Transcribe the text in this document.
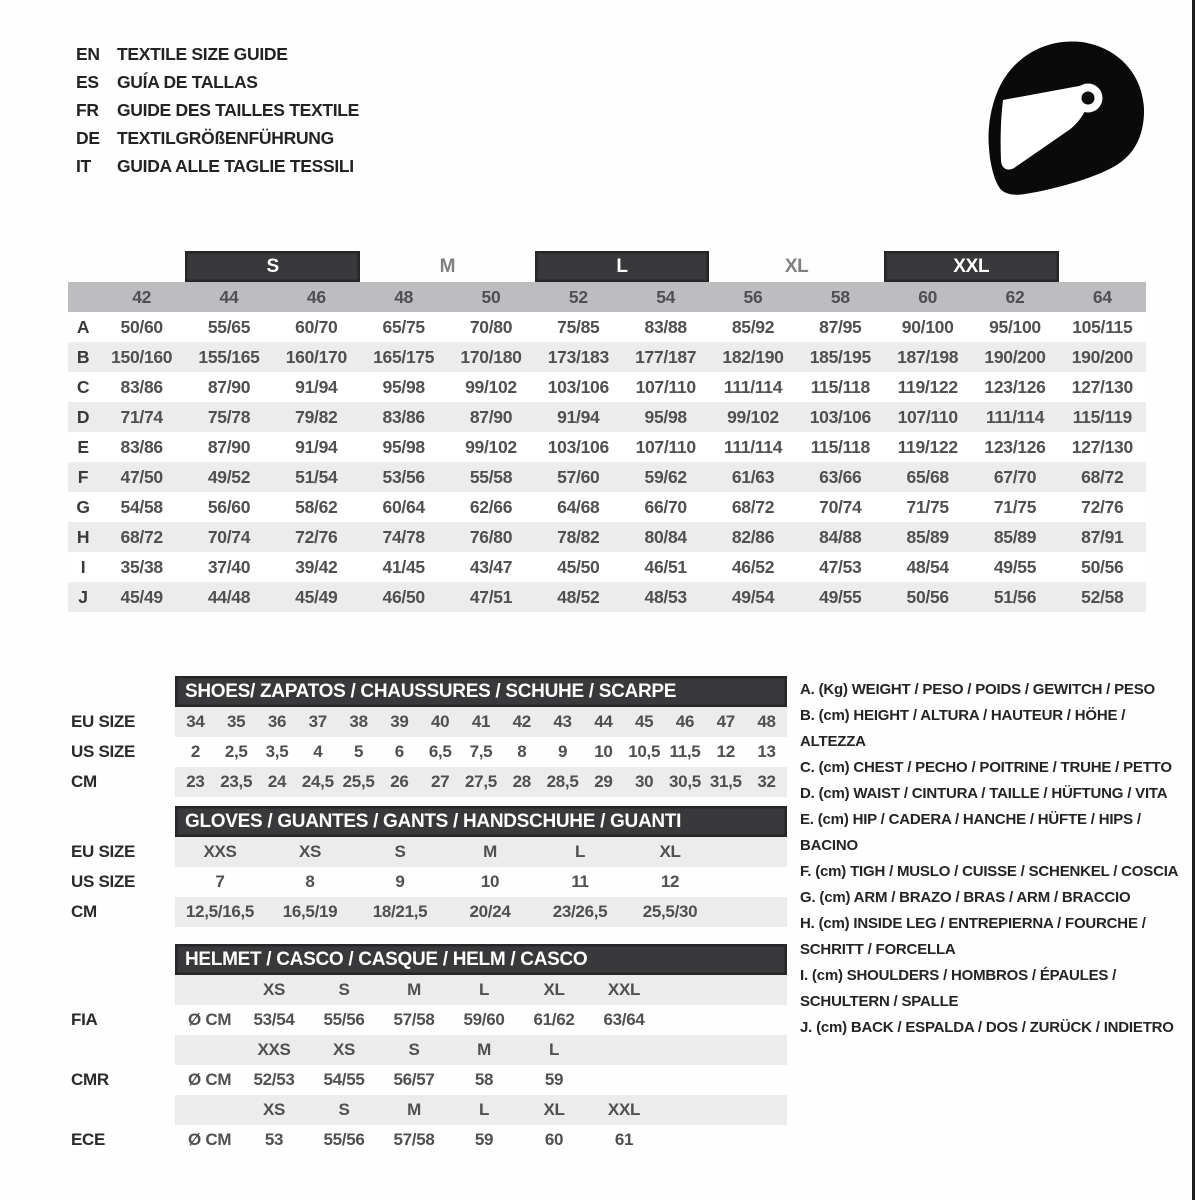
EN TEXTILE SIZE GUIDE
ES	GUÍA DE TALLAS
FR	GUIDE DES TAILLES TEXTILE
DE TEXTILGRÖßENFÜHRUNG
IT	GUIDA ALLE TAGLIE TESSILI
S	M	L	XL	XXL
42	44	46	48	50	52	54	56	58	60	62	64
A	50/60	55/65	60/70	65/75	70/80	75/85	83/88	85/92	87/95	90/100	95/100	105/115
B	150/160	155/165	160/170	165/175	170/180	173/183	177/187	182/190	185/195	187/198	190/200	190/200
C	83/86	87/90	91/94	95/98	99/102	103/106	107/110	111/114	115/118	119/122	123/126	127/130
D	71/74	75/78	79/82	83/86	87/90	91/94	95/98	99/102	103/106	107/110	111/114	115/119
E	83/86	87/90	91/94	95/98	99/102	103/106	107/110	111/114	115/118	119/122	123/126	127/130
F	47/50	49/52	51/54	53/56	55/58	57/60	59/62	61/63	63/66	65/68	67/70	68/72
G	54/58	56/60	58/62	60/64	62/66	64/68	66/70	68/72	70/74	71/75	71/75	72/76
H	68/72	70/74	72/76	74/78	76/80	78/82	80/84	82/86	84/88	85/89	85/89	87/91
I	35/38	37/40	39/42	41/45	43/47	45/50	46/51	46/52	47/53	48/54	49/55	50/56
J	45/49	44/48	45/49	46/50	47/51	48/52	48/53	49/54	49/55	50/56	51/56	52/58
SHOES/ ZAPATOS / CHAUSSURES / SCHUHE / SCARPE
EU SIZE	34	35	36	37	38	39	40	41	42	43	44	45	46	47	48
US SIZE	2	2,5	3,5	4	5	6	6,5	7,5	8	9	10 10,5 11,5 12	13
CM	23 23,5 24 24,5 25,5 26	27 27,5 28 28,5 29	30 30,5 31,5 32
GLOVES / GUANTES / GANTS / HANDSCHUHE / GUANTI
EU SIZE	XXS	XS	S	M	L	XL
US SIZE	7	8	9	10	11	12
CM	12,5/16,5	16,5/19	18/21,5	20/24	23/26,5	25,5/30
HELMET / CASCO / CASQUE / HELM / CASCO
XS	S	M	L	XL	XXL
FIA	Ø CM	53/54	55/56	57/58	59/60	61/62	63/64
XXS	XS	S	M	L
CMR	Ø CM	52/53	54/55	56/57	58	59
XS	S	M	L	XL	XXL
ECE	Ø CM	53	55/56	57/58	59	60	61
A. (Kg) WEIGHT / PESO / POIDS / GEWITCH / PESO
B. (cm) HEIGHT / ALTURA / HAUTEUR / HÖHE / ALTEZZA
C. (cm) CHEST / PECHO / POITRINE / TRUHE / PETTO
D. (cm) WAIST / CINTURA / TAILLE / HÜFTUNG / VITA
E. (cm) HIP / CADERA / HANCHE / HÜFTE / HIPS / BACINO
F. (cm) TIGH / MUSLO / CUISSE / SCHENKEL / COSCIA
G. (cm) ARM / BRAZO / BRAS / ARM / BRACCIO
H. (cm) INSIDE LEG / ENTREPIERNA / FOURCHE / SCHRITT / FORCELLA
I. (cm) SHOULDERS / HOMBROS / ÉPAULES / SCHULTERN / SPALLE
J. (cm) BACK / ESPALDA / DOS / ZURÜCK / INDIETRO
